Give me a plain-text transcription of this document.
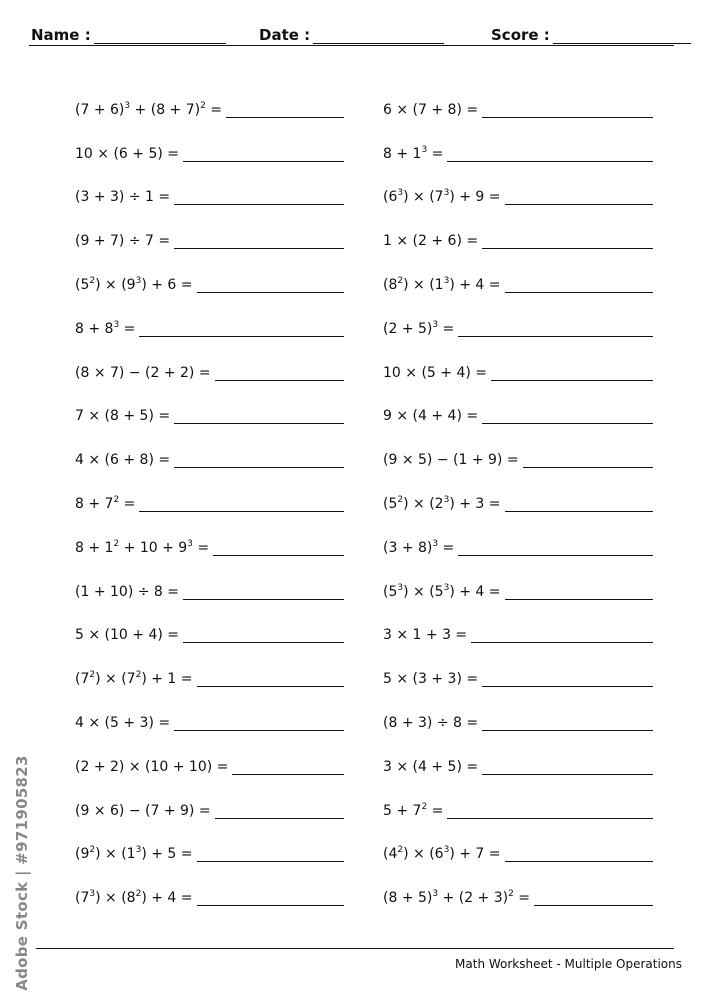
Name :	Date :	Score :
$(7 + 6)^3 + (8 + 7)^2$ =
10 × (6 + 5) =
(3 + 3) ÷ 1 =
(9 + 7) ÷ 7 =
$(5^2) \times (9^3) + 6$ =
$8 + 8^3$ =
(8 × 7) − (2 + 2) =
7 × (8 + 5) =
4 × (6 + 8) =
$8 + 7^2$ =
$8 + 1^2 + 10 + 9^3$ =
(1 + 10) ÷ 8 =
5 × (10 + 4) =
$(7^2) \times (7^2) + 1$ =
4 × (5 + 3) =
(2 + 2) × (10 + 10) =
(9 × 6) − (7 + 9) =
$(9^2) \times (1^3) + 5$ =
$(7^3) \times (8^2) + 4$ =
6 × (7 + 8) =
$8 + 1^3$ =
$(6^3) \times (7^3) + 9$ =
1 × (2 + 6) =
$(8^2) \times (1^3) + 4$ =
$(2 + 5)^3$ =
10 × (5 + 4) =
9 × (4 + 4) =
(9 × 5) − (1 + 9) =
$(5^2) \times (2^3) + 3$ =
$(3 + 8)^3$ =
$(5^3) \times (5^3) + 4$ =
3 × 1 + 3 =
5 × (3 + 3) =
(8 + 3) ÷ 8 =
3 × (4 + 5) =
$5 + 7^2$ =
$(4^2) \times (6^3) + 7$ =
$(8 + 5)^3 + (2 + 3)^2$ =
Math Worksheet - Multiple Operations
Adobe Stock | #971905823
